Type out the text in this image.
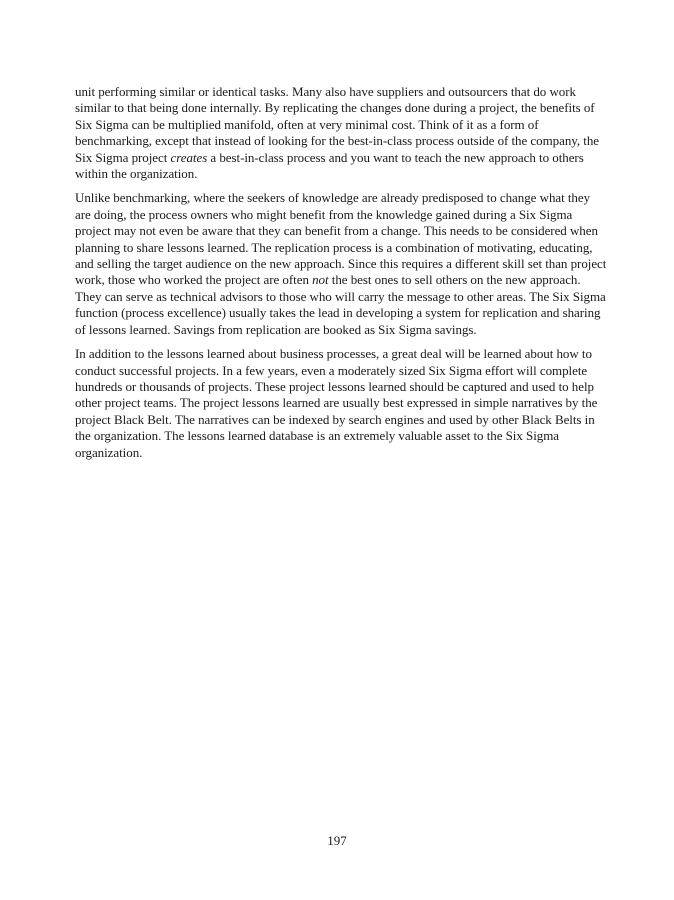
unit performing similar or identical tasks. Many also have suppliers and outsourcers that do work similar to that being done internally. By replicating the changes done during a project, the benefits of Six Sigma can be multiplied manifold, often at very minimal cost. Think of it as a form of benchmarking, except that instead of looking for the best-in-class process outside of the company, the Six Sigma project creates a best-in-class process and you want to teach the new approach to others within the organization.

Unlike benchmarking, where the seekers of knowledge are already predisposed to change what they are doing, the process owners who might benefit from the knowledge gained during a Six Sigma project may not even be aware that they can benefit from a change. This needs to be considered when planning to share lessons learned. The replication process is a combination of motivating, educating, and selling the target audience on the new approach. Since this requires a different skill set than project work, those who worked the project are often not the best ones to sell others on the new approach. They can serve as technical advisors to those who will carry the message to other areas. The Six Sigma function (process excellence) usually takes the lead in developing a system for replication and sharing of lessons learned. Savings from replication are booked as Six Sigma savings.

In addition to the lessons learned about business processes, a great deal will be learned about how to conduct successful projects. In a few years, even a moderately sized Six Sigma effort will complete hundreds or thousands of projects. These project lessons learned should be captured and used to help other project teams. The project lessons learned are usually best expressed in simple narratives by the project Black Belt. The narratives can be indexed by search engines and used by other Black Belts in the organization. The lessons learned database is an extremely valuable asset to the Six Sigma organization.

197
